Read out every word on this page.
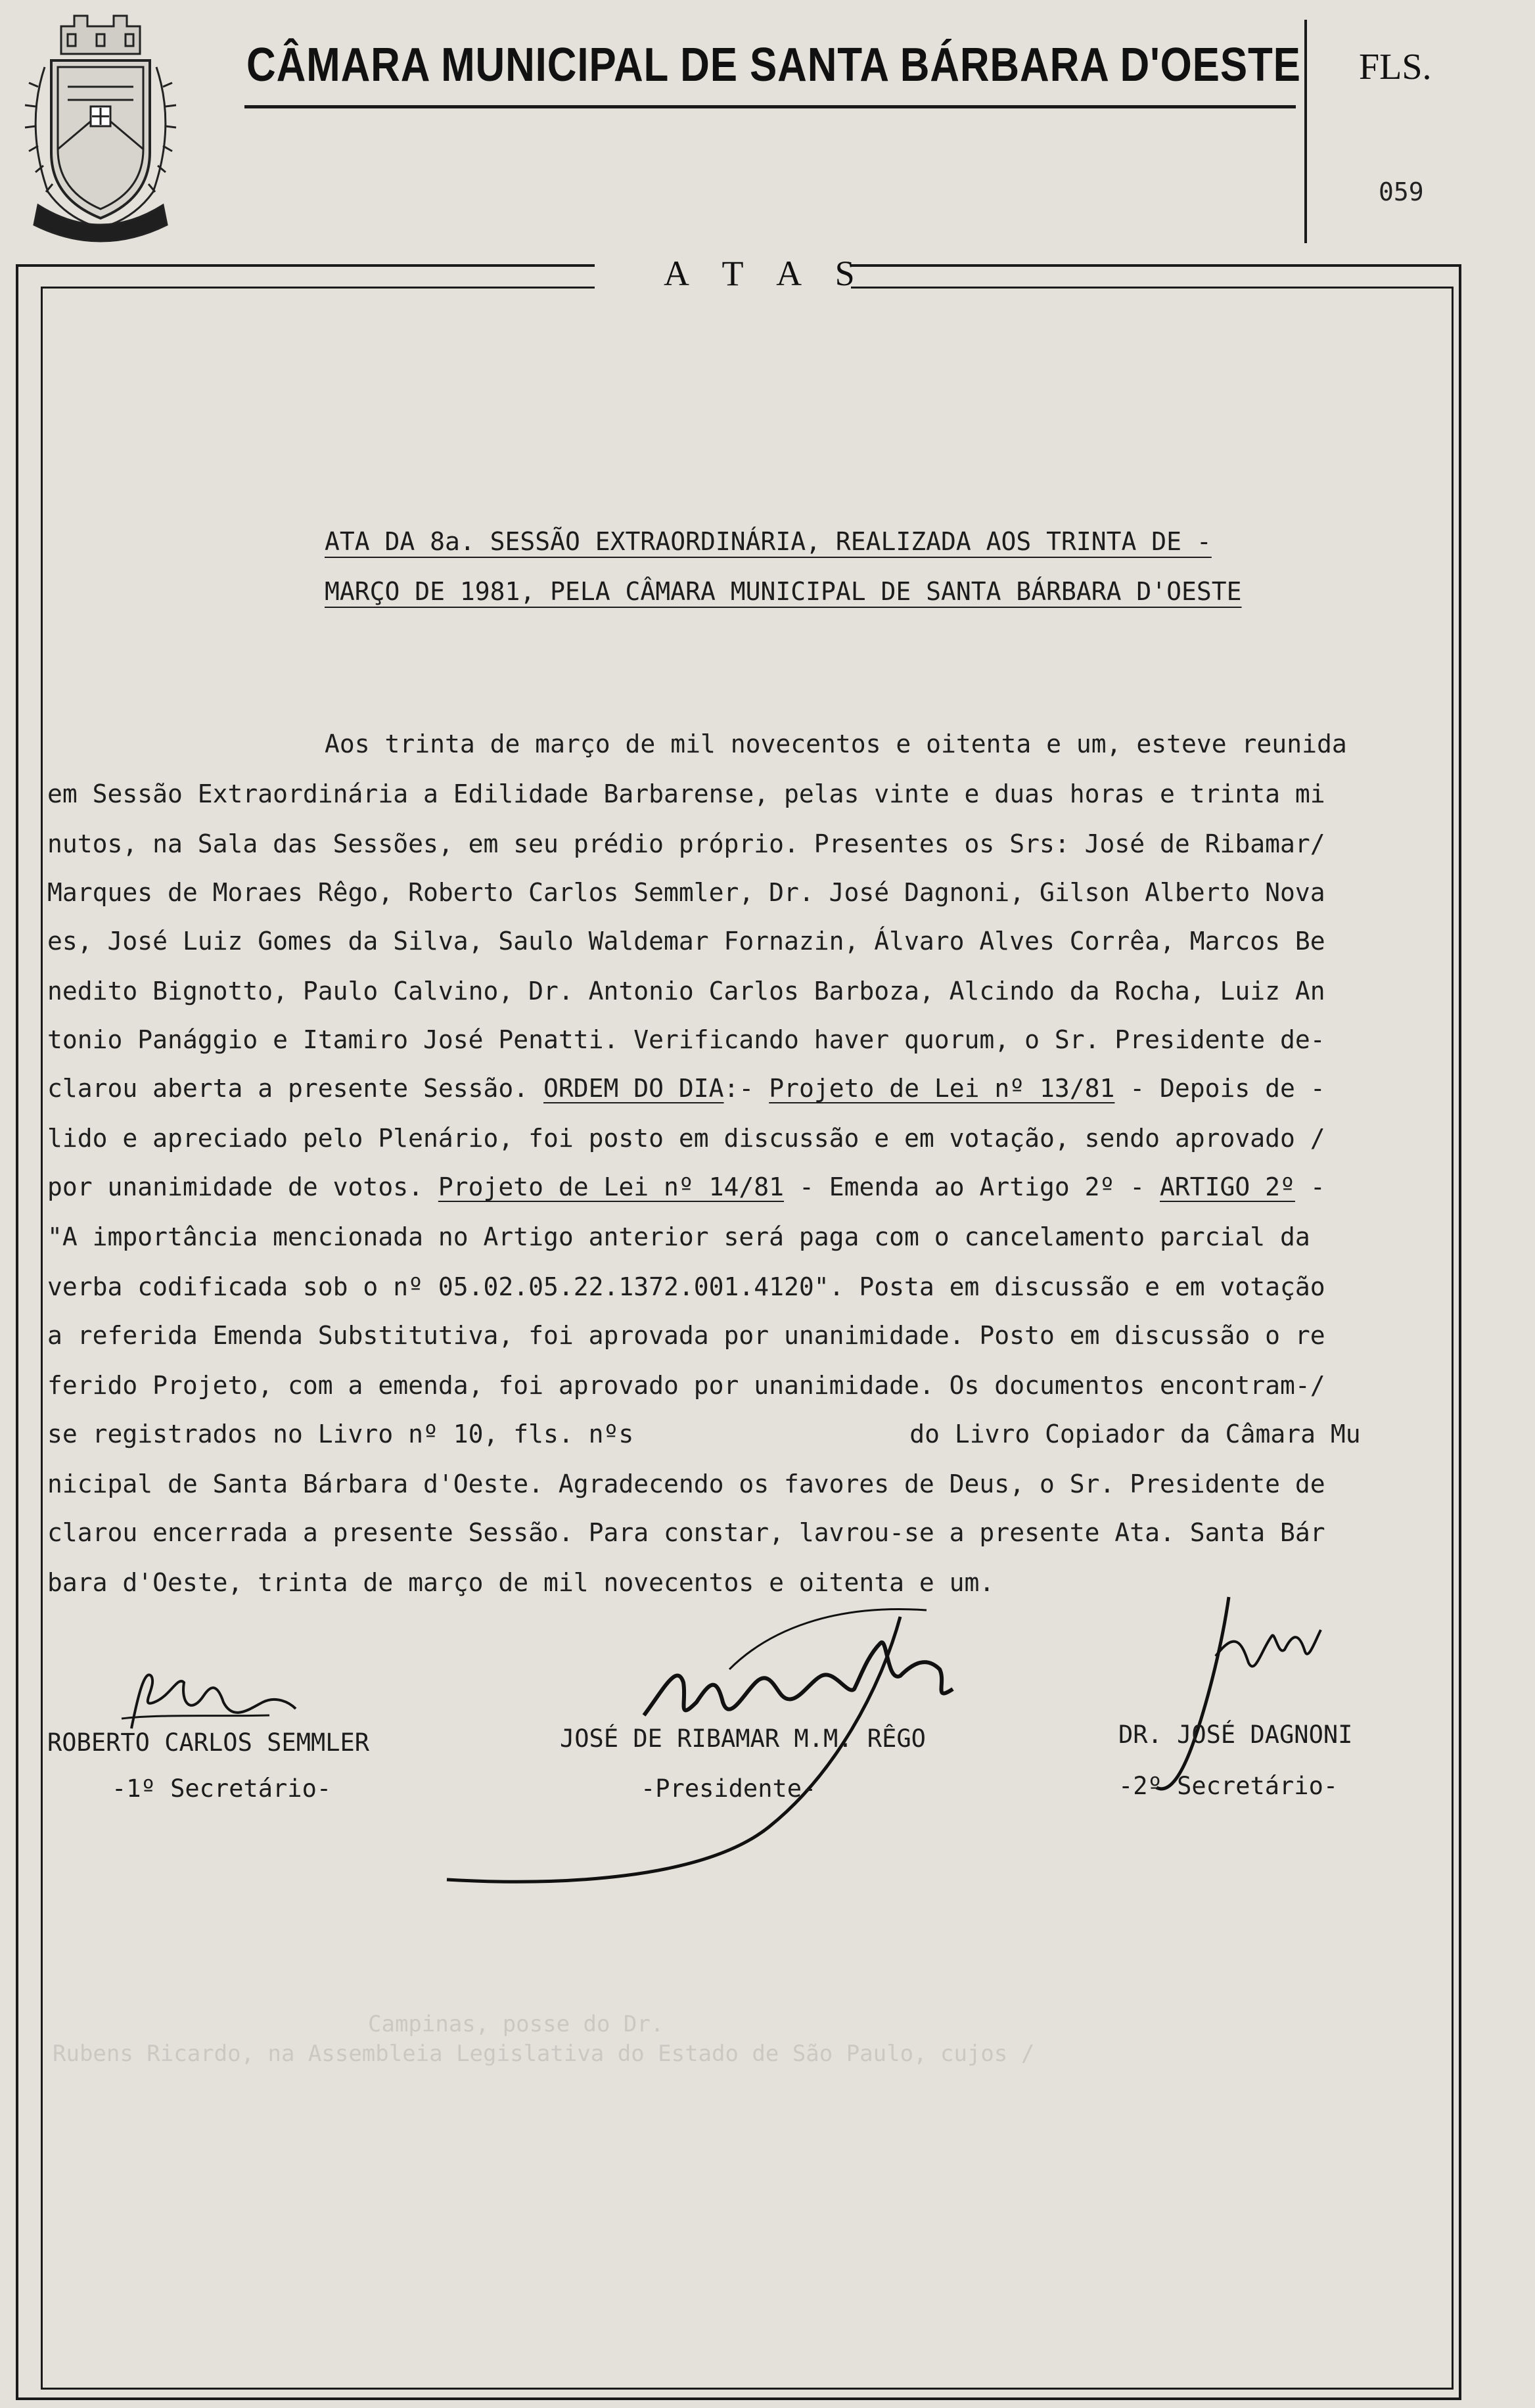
CÂMARA MUNICIPAL DE SANTA BÁRBARA D'OESTE FLS.
059
A T A S
Campinas, posse do Dr.
Rubens Ricardo, na Assembleia Legislativa do Estado de São Paulo, cujos /
ATA DA 8a. SESSÃO EXTRAORDINÁRIA, REALIZADA AOS TRINTA DE -
MARÇO DE 1981, PELA CÂMARA MUNICIPAL DE SANTA BÁRBARA D'OESTE
Aos trinta de março de mil novecentos e oitenta e um, esteve reunida
em Sessão Extraordinária a Edilidade Barbarense, pelas vinte e duas horas e trinta mi
nutos, na Sala das Sessões, em seu prédio próprio. Presentes os Srs: José de Ribamar/
Marques de Moraes Rêgo, Roberto Carlos Semmler, Dr. José Dagnoni, Gilson Alberto Nova
es, José Luiz Gomes da Silva, Saulo Waldemar Fornazin, Álvaro Alves Corrêa, Marcos Be
nedito Bignotto, Paulo Calvino, Dr. Antonio Carlos Barboza, Alcindo da Rocha, Luiz An
tonio Panággio e Itamiro José Penatti. Verificando haver quorum, o Sr. Presidente de-
clarou aberta a presente Sessão. ORDEM DO DIA:- Projeto de Lei nº 13/81 - Depois de -
lido e apreciado pelo Plenário, foi posto em discussão e em votação, sendo aprovado /
por unanimidade de votos. Projeto de Lei nº 14/81 - Emenda ao Artigo 2º - ARTIGO 2º -
"A importância mencionada no Artigo anterior será paga com o cancelamento parcial da
verba codificada sob o nº 05.02.05.22.1372.001.4120". Posta em discussão e em votação
a referida Emenda Substitutiva, foi aprovada por unanimidade. Posto em discussão o re
ferido Projeto, com a emenda, foi aprovado por unanimidade. Os documentos encontram-/
se registrados no Livro nº 10, fls. nºs	do Livro Copiador da Câmara Mu
nicipal de Santa Bárbara d'Oeste. Agradecendo os favores de Deus, o Sr. Presidente de
clarou encerrada a presente Sessão. Para constar, lavrou-se a presente Ata. Santa Bár
bara d'Oeste, trinta de março de mil novecentos e oitenta e um.
ROBERTO CARLOS SEMMLER
-1º Secretário-
JOSÉ DE RIBAMAR M.M. RÊGO
-Presidente-
DR. JOSÉ DAGNONI
-2º Secretário-
